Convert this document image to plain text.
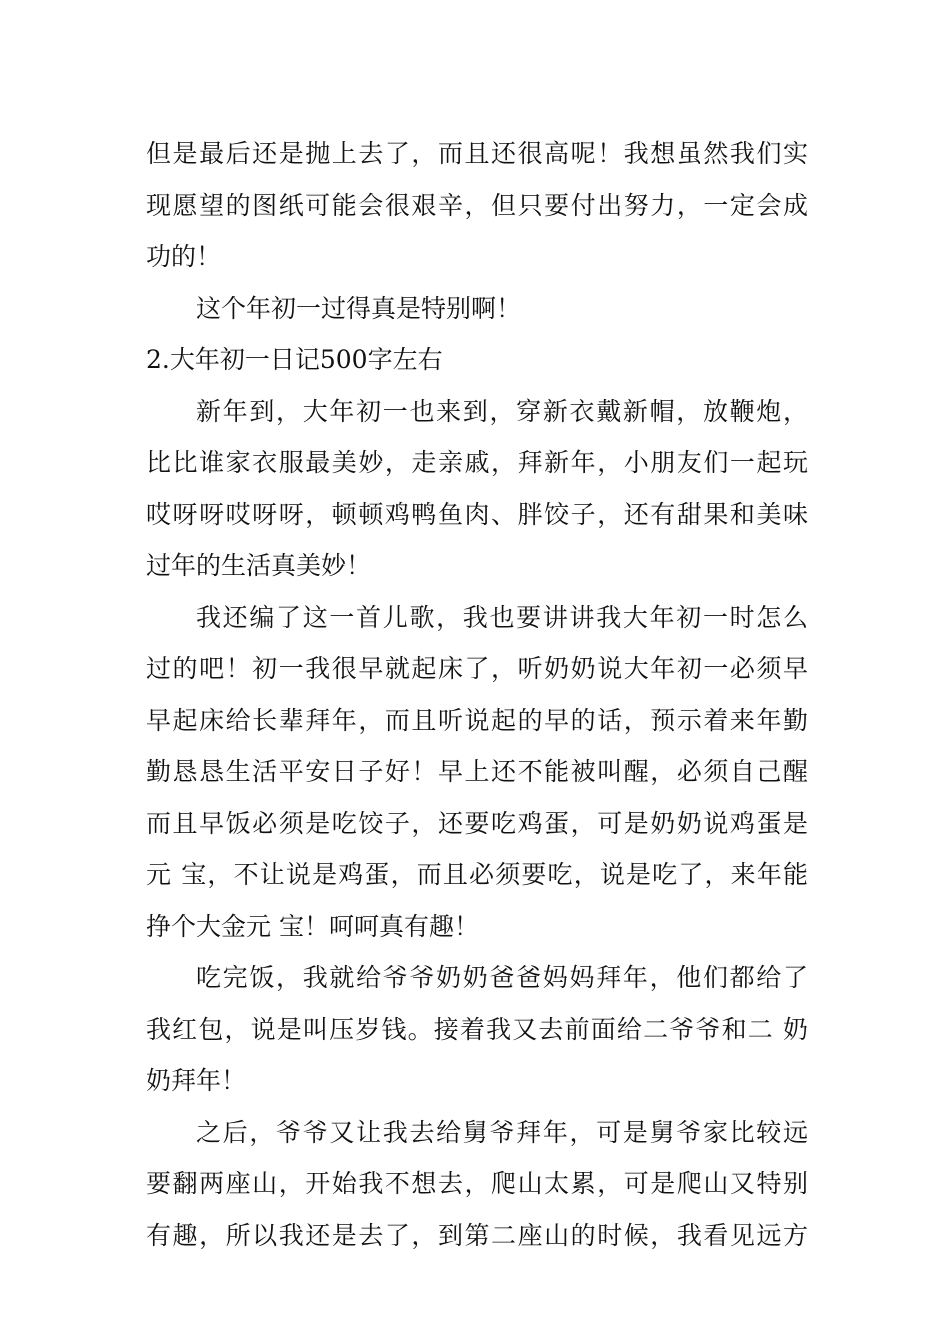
但是最后还是抛上去了，而且还很高呢！我想虽然我们实
现愿望的图纸可能会很艰辛，但只要付出努力，一定会成
功的！
这个年初一过得真是特别啊！
2.大年初一日记500字左右
新年到，大年初一也来到，穿新衣戴新帽，放鞭炮，
比比谁家衣服最美妙，走亲戚，拜新年，小朋友们一起玩
哎呀呀哎呀呀，顿顿鸡鸭鱼肉、胖饺子，还有甜果和美味
过年的生活真美妙！
我还编了这一首儿歌，我也要讲讲我大年初一时怎么
过的吧！初一我很早就起床了，听奶奶说大年初一必须早
早起床给长辈拜年，而且听说起的早的话，预示着来年勤
勤恳恳生活平安日子好！早上还不能被叫醒，必须自己醒
而且早饭必须是吃饺子，还要吃鸡蛋，可是奶奶说鸡蛋是
元 宝，不让说是鸡蛋，而且必须要吃，说是吃了，来年能
挣个大金元 宝！呵呵真有趣！
吃完饭，我就给爷爷奶奶爸爸妈妈拜年，他们都给了
我红包，说是叫压岁钱。接着我又去前面给二爷爷和二 奶
奶拜年！
之后，爷爷又让我去给舅爷拜年，可是舅爷家比较远
要翻两座山，开始我不想去，爬山太累，可是爬山又特别
有趣，所以我还是去了，到第二座山的时候，我看见远方
